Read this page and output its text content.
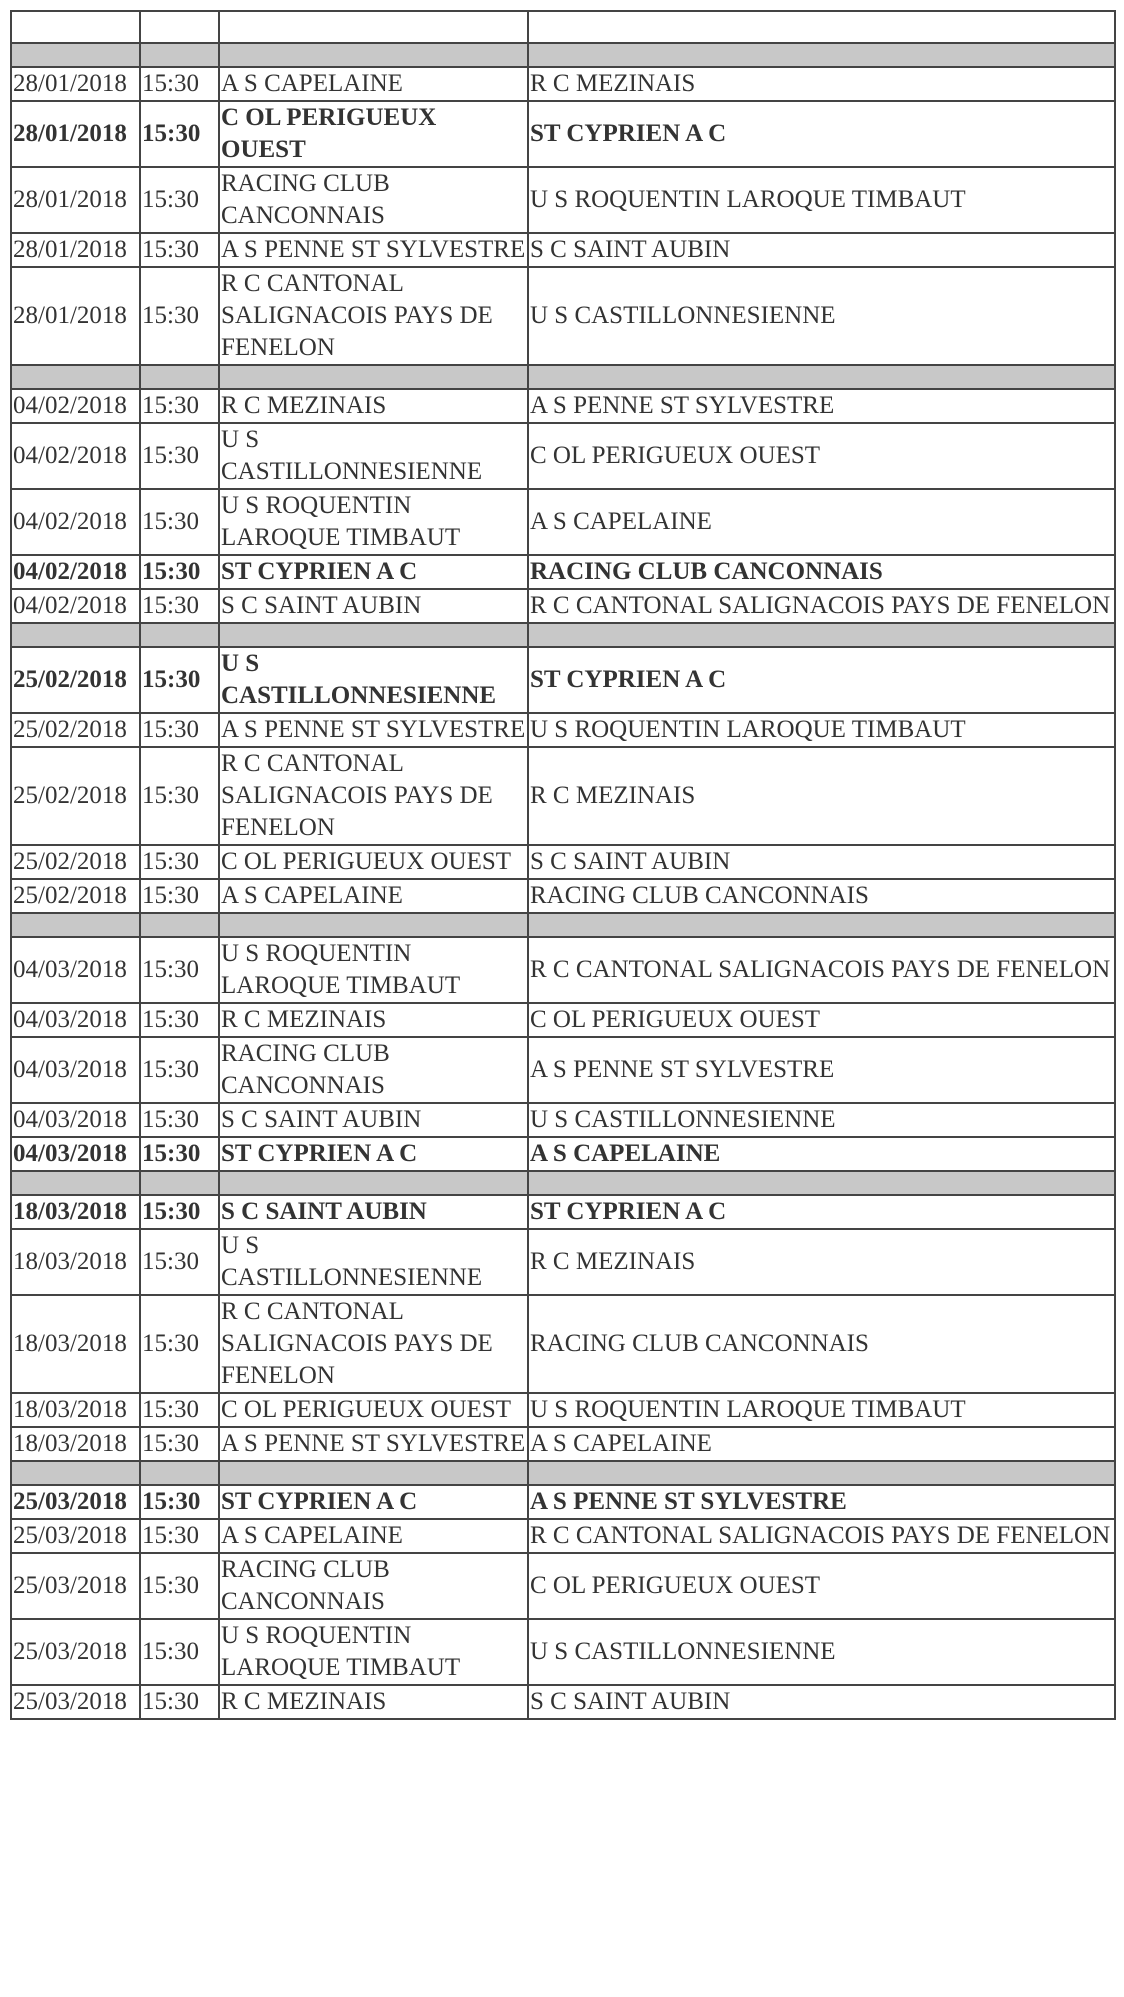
28/01/2018	15:30	A S CAPELAINE	R C MEZINAIS
28/01/2018	15:30	C OL PERIGUEUX OUEST	ST CYPRIEN A C
28/01/2018	15:30	RACING CLUB CANCONNAIS	U S ROQUENTIN LAROQUE TIMBAUT
28/01/2018	15:30	A S PENNE ST SYLVESTRE	S C SAINT AUBIN
28/01/2018	15:30	R C CANTONAL SALIGNACOIS PAYS DE FENELON	U S CASTILLONNESIENNE

04/02/2018	15:30	R C MEZINAIS	A S PENNE ST SYLVESTRE
04/02/2018	15:30	U S CASTILLONNESIENNE	C OL PERIGUEUX OUEST
04/02/2018	15:30	U S ROQUENTIN LAROQUE TIMBAUT	A S CAPELAINE
04/02/2018	15:30	ST CYPRIEN A C	RACING CLUB CANCONNAIS
04/02/2018	15:30	S C SAINT AUBIN	R C CANTONAL SALIGNACOIS PAYS DE FENELON

25/02/2018	15:30	U S CASTILLONNESIENNE	ST CYPRIEN A C
25/02/2018	15:30	A S PENNE ST SYLVESTRE	U S ROQUENTIN LAROQUE TIMBAUT
25/02/2018	15:30	R C CANTONAL SALIGNACOIS PAYS DE FENELON	R C MEZINAIS
25/02/2018	15:30	C OL PERIGUEUX OUEST	S C SAINT AUBIN
25/02/2018	15:30	A S CAPELAINE	RACING CLUB CANCONNAIS

04/03/2018	15:30	U S ROQUENTIN LAROQUE TIMBAUT	R C CANTONAL SALIGNACOIS PAYS DE FENELON
04/03/2018	15:30	R C MEZINAIS	C OL PERIGUEUX OUEST
04/03/2018	15:30	RACING CLUB CANCONNAIS	A S PENNE ST SYLVESTRE
04/03/2018	15:30	S C SAINT AUBIN	U S CASTILLONNESIENNE
04/03/2018	15:30	ST CYPRIEN A C	A S CAPELAINE

18/03/2018	15:30	S C SAINT AUBIN	ST CYPRIEN A C
18/03/2018	15:30	U S CASTILLONNESIENNE	R C MEZINAIS
18/03/2018	15:30	R C CANTONAL SALIGNACOIS PAYS DE FENELON	RACING CLUB CANCONNAIS
18/03/2018	15:30	C OL PERIGUEUX OUEST	U S ROQUENTIN LAROQUE TIMBAUT
18/03/2018	15:30	A S PENNE ST SYLVESTRE	A S CAPELAINE

25/03/2018	15:30	ST CYPRIEN A C	A S PENNE ST SYLVESTRE
25/03/2018	15:30	A S CAPELAINE	R C CANTONAL SALIGNACOIS PAYS DE FENELON
25/03/2018	15:30	RACING CLUB CANCONNAIS	C OL PERIGUEUX OUEST
25/03/2018	15:30	U S ROQUENTIN LAROQUE TIMBAUT	U S CASTILLONNESIENNE
25/03/2018	15:30	R C MEZINAIS	S C SAINT AUBIN
